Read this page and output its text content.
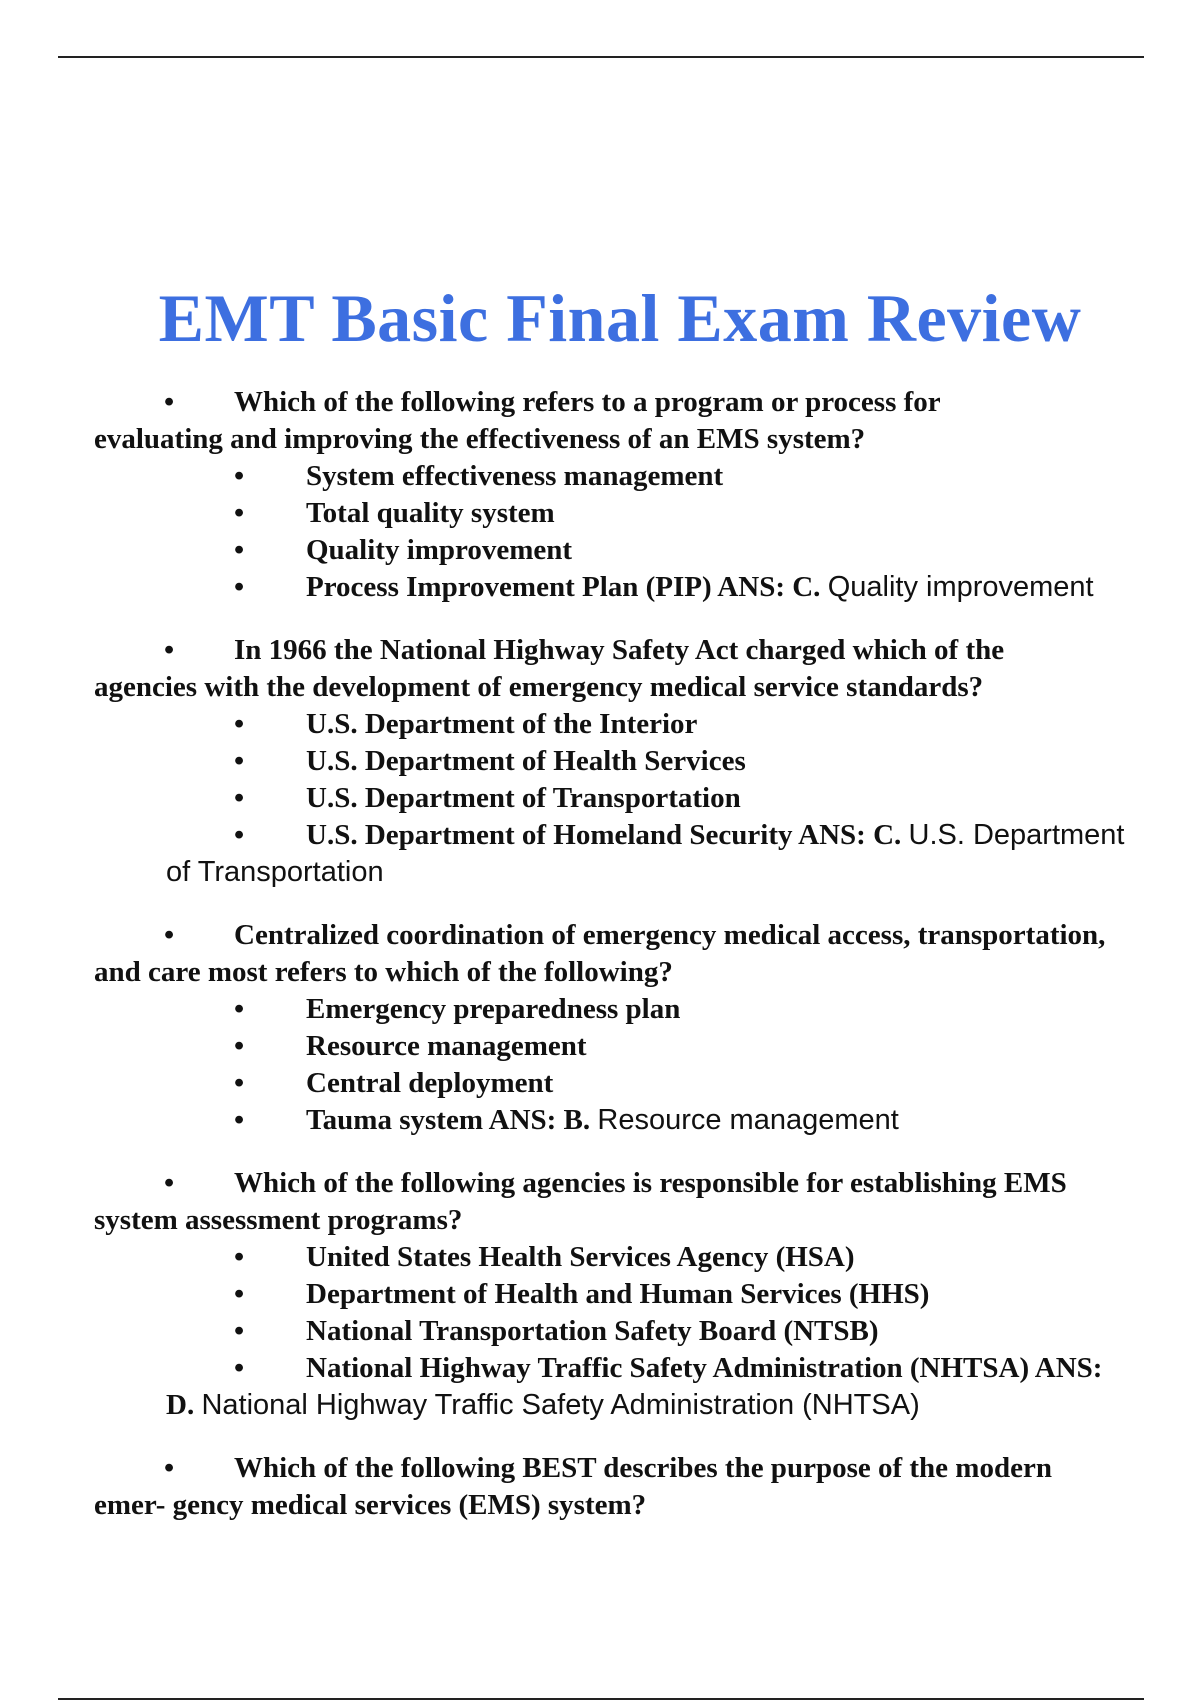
EMT Basic Final Exam Review
• Which of the following refers to a program or process for
evaluating and improving the effectiveness of an EMS system?
• System effectiveness management
• Total quality system
• Quality improvement
• Process Improvement Plan (PIP) ANS: C. Quality improvement
• In 1966 the National Highway Safety Act charged which of the
agencies with the development of emergency medical service standards?
• U.S. Department of the Interior
• U.S. Department of Health Services
• U.S. Department of Transportation
• U.S. Department of Homeland Security ANS: C. U.S. Department
of Transportation
• Centralized coordination of emergency medical access, transportation,
and care most refers to which of the following?
• Emergency preparedness plan
• Resource management
• Central deployment
• Tauma system ANS: B. Resource management
• Which of the following agencies is responsible for establishing EMS
system assessment programs?
• United States Health Services Agency (HSA)
• Department of Health and Human Services (HHS)
• National Transportation Safety Board (NTSB)
• National Highway Traffic Safety Administration (NHTSA) ANS:
D. National Highway Traffic Safety Administration (NHTSA)
• Which of the following BEST describes the purpose of the modern
emer- gency medical services (EMS) system?
